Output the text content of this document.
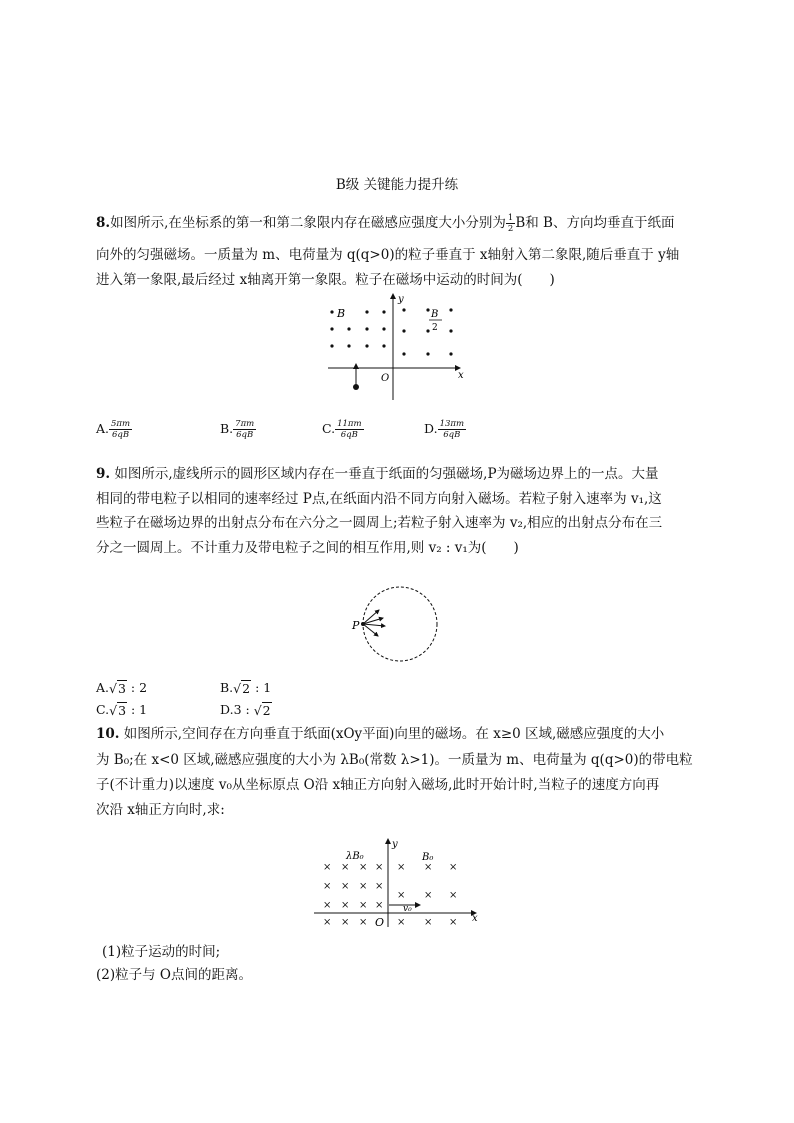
B级 关键能力提升练
8.如图所示,在坐标系的第一和第二象限内存在磁感应强度大小分别为 $\frac{1}{2}$ B和 B、方向均垂直于纸面
向外的匀强磁场。一质量为 m、电荷量为 q(q>0)的粒子垂直于 x轴射入第二象限,随后垂直于 y轴
进入第一象限,最后经过 x轴离开第一象限。粒子在磁场中运动的时间为(　　)
x
y
O
B	B
2
A. $\frac{5\pi m}{6qB}$	B. $\frac{7\pi m}{6qB}$	C. $\frac{11\pi m}{6qB}$	D. $\frac{13\pi m}{6qB}$
9. 如图所示,虚线所示的圆形区域内存在一垂直于纸面的匀强磁场,P为磁场边界上的一点。大量
相同的带电粒子以相同的速率经过 P点,在纸面内沿不同方向射入磁场。若粒子射入速率为 v₁,这
些粒子在磁场边界的出射点分布在六分之一圆周上;若粒子射入速率为 v₂,相应的出射点分布在三
分之一圆周上。不计重力及带电粒子之间的相互作用,则 v₂ : v₁为(　　)
P
A.√3 : 2	B.√2 : 1
C.√3 : 1	D.3 : √2
10. 如图所示,空间存在方向垂直于纸面(xOy平面)向里的磁场。在 x≥0 区域,磁感应强度的大小
为 B₀;在 x<0 区域,磁感应强度的大小为 λB₀(常数 λ>1)。一质量为 m、电荷量为 q(q>0)的带电粒
子(不计重力)以速度 v₀从坐标原点 O沿 x轴正方向射入磁场,此时开始计时,当粒子的速度方向再
次沿 x轴正方向时,求:
x
y
O
λB₀	B₀
× × × ×
× × × ×
× × × ×
× × ×
× × ×
× × ×
× × ×
v₀
(1)粒子运动的时间;
(2)粒子与 O点间的距离。
